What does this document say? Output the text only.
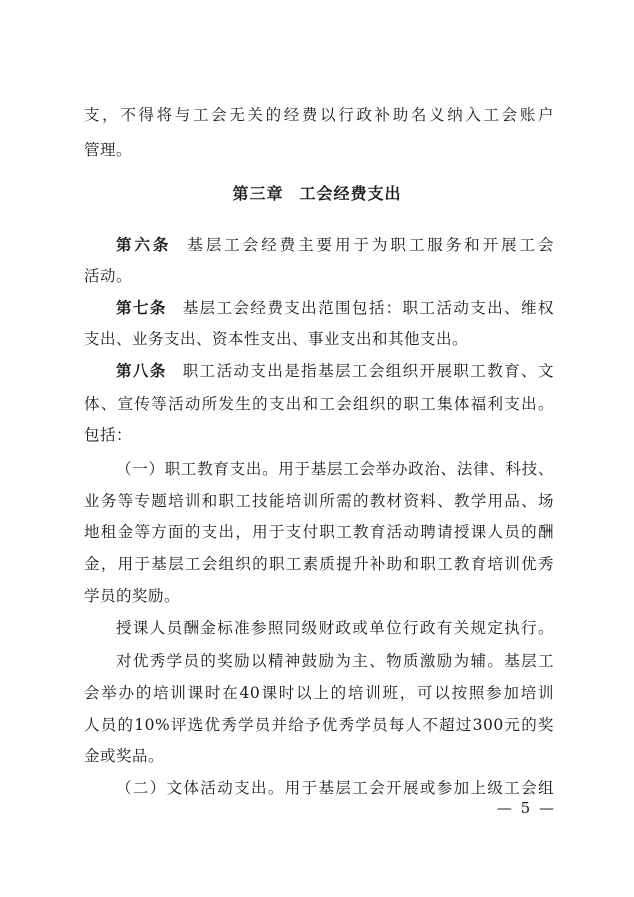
支，不得将与工会无关的经费以行政补助名义纳入工会账户
管理。
第三章 工会经费支出
第六条 基层工会经费主要用于为职工服务和开展工会
活动。
第七条 基层工会经费支出范围包括：职工活动支出、维权
支出、业务支出、资本性支出、事业支出和其他支出。
第八条 职工活动支出是指基层工会组织开展职工教育、文
体、宣传等活动所发生的支出和工会组织的职工集体福利支出。
包括：
（一）职工教育支出。用于基层工会举办政治、法律、科技、
业务等专题培训和职工技能培训所需的教材资料、教学用品、场
地租金等方面的支出，用于支付职工教育活动聘请授课人员的酬
金，用于基层工会组织的职工素质提升补助和职工教育培训优秀
学员的奖励。
授课人员酬金标准参照同级财政或单位行政有关规定执行。
对优秀学员的奖励以精神鼓励为主、物质激励为辅。基层工
会举办的培训课时在40课时以上的培训班，可以按照参加培训
人员的10%评选优秀学员并给予优秀学员每人不超过300元的奖
金或奖品。
（二）文体活动支出。用于基层工会开展或参加上级工会组
— 5 —
